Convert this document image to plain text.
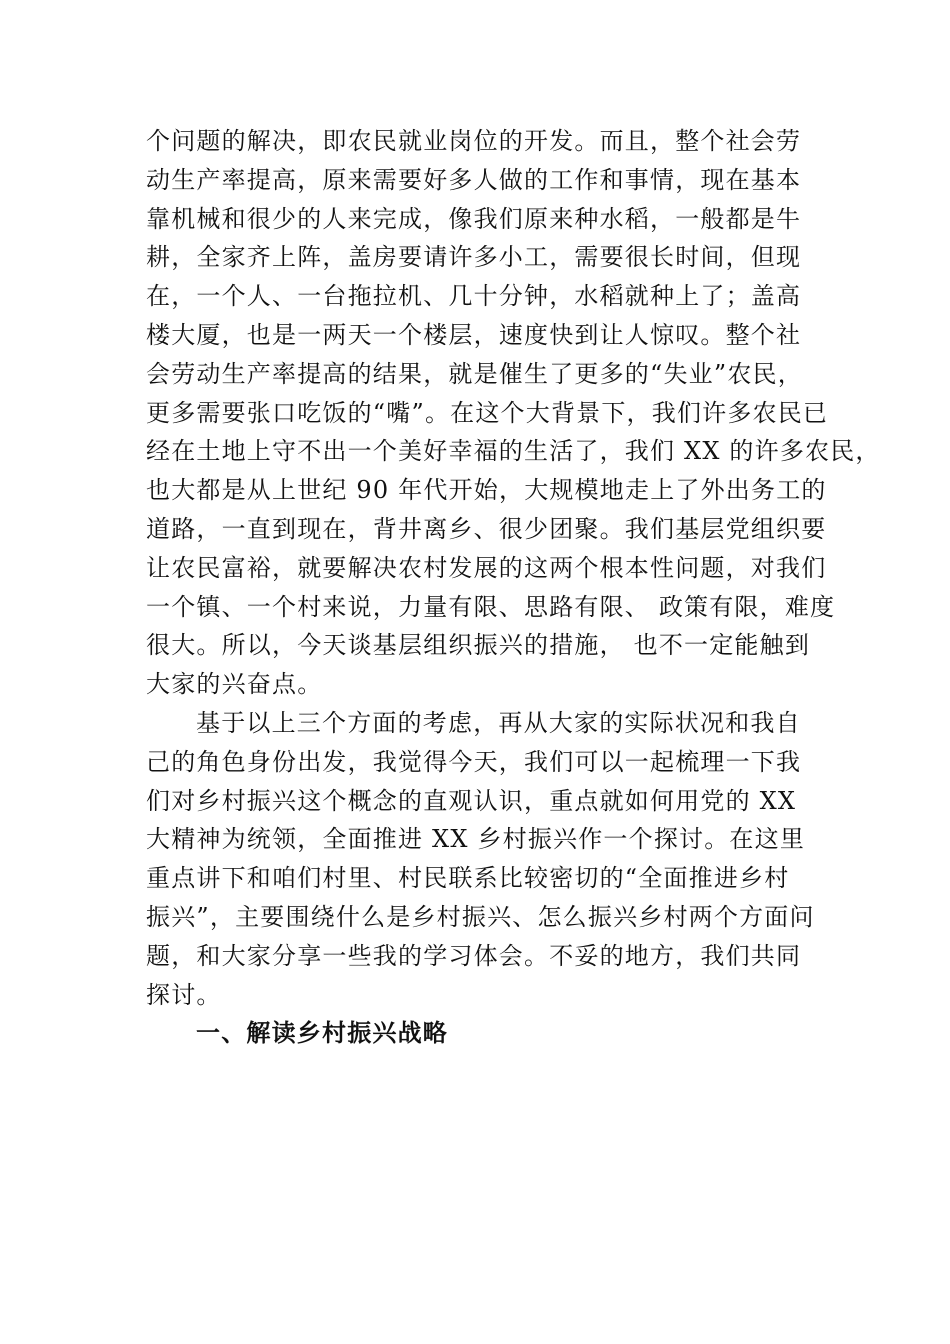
个问题的解决，即农民就业岗位的开发。而且，整个社会劳
动生产率提高，原来需要好多人做的工作和事情，现在基本
靠机械和很少的人来完成，像我们原来种水稻，一般都是牛
耕，全家齐上阵，盖房要请许多小工，需要很长时间，但现
在，一个人、一台拖拉机、几十分钟，水稻就种上了；盖高
楼大厦，也是一两天一个楼层，速度快到让人惊叹。整个社
会劳动生产率提高的结果，就是催生了更多的“失业”农民，
更多需要张口吃饭的“嘴”。在这个大背景下，我们许多农民已
经在土地上守不出一个美好幸福的生活了，我们 XX 的许多农民，
也大都是从上世纪 90 年代开始，大规模地走上了外出务工的
道路，一直到现在，背井离乡、很少团聚。我们基层党组织要
让农民富裕，就要解决农村发展的这两个根本性问题，对我们
一个镇、一个村来说，力量有限、思路有限、 政策有限，难度
很大。所以，今天谈基层组织振兴的措施， 也不一定能触到
大家的兴奋点。
基于以上三个方面的考虑，再从大家的实际状况和我自
己的角色身份出发，我觉得今天，我们可以一起梳理一下我
们对乡村振兴这个概念的直观认识，重点就如何用党的 XX
大精神为统领，全面推进 XX 乡村振兴作一个探讨。在这里
重点讲下和咱们村里、村民联系比较密切的“全面推进乡村
振兴”，主要围绕什么是乡村振兴、怎么振兴乡村两个方面问
题，和大家分享一些我的学习体会。不妥的地方，我们共同
探讨。
一、解读乡村振兴战略
